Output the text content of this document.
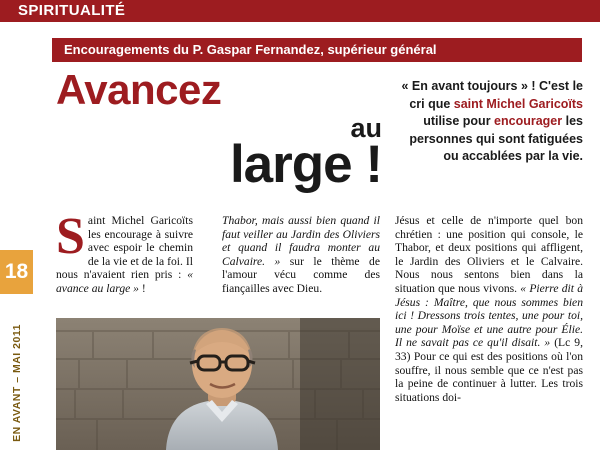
SPIRITUALITÉ
18
EN AVANT – MAI 2011
Encouragements du P. Gaspar Fernandez, supérieur général
Avancez
au
large !
« En avant toujours » ! C'est le cri que saint Michel Garicoïts utilise pour encourager les personnes qui sont fatiguées ou accablées par la vie.
Saint Michel Garicoïts les encourage à suivre avec espoir le chemin de la vie et de la foi. Il nous n'avaient rien pris : « avance au large » !
Thabor, mais aussi bien quand il faut veiller au Jardin des Oliviers et quand il faudra monter au Calvaire. » sur le thème de l'amour vécu comme des fiançailles avec Dieu.
Jésus et celle de n'importe quel bon chrétien : une position qui console, le Thabor, et deux positions qui affligent, le Jardin des Oliviers et le Calvaire. Nous nous sentons bien dans la situation que nous vivons. « Pierre dit à Jésus : Maître, que nous sommes bien ici ! Dressons trois tentes, une pour toi, une pour Moïse et une autre pour Élie. Il ne savait pas ce qu'il disait. » (Lc 9, 33) Pour ce qui est des positions où l'on souffre, il nous semble que ce n'est pas la peine de continuer à lutter. Les trois situations doi-
